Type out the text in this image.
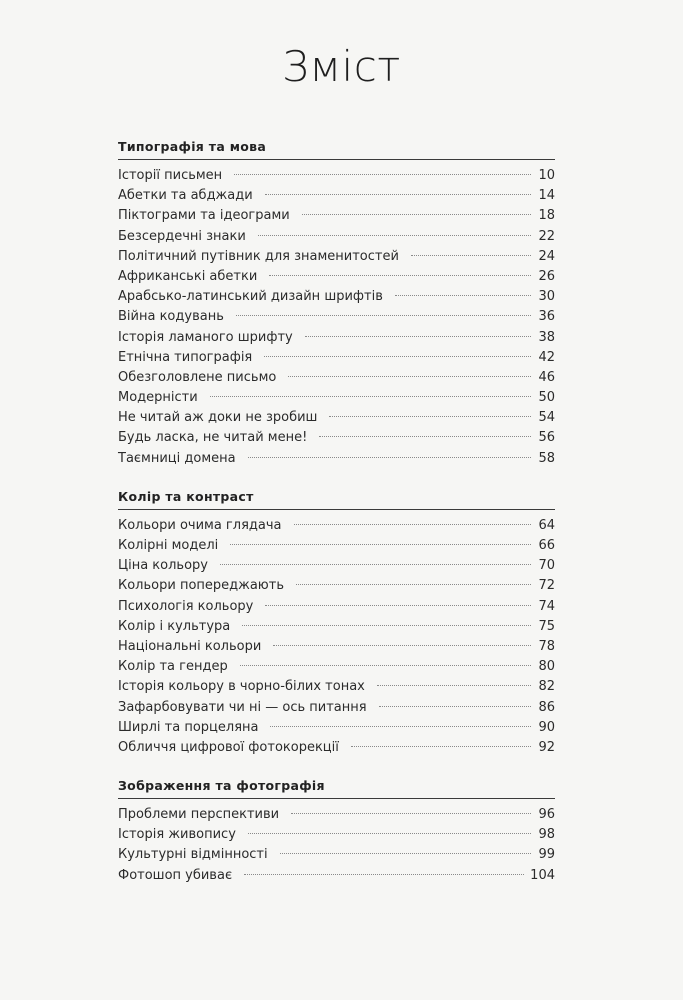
Зміст
Типографія та мова
Історії письмен	10
Абетки та абджади	14
Піктограми та ідеограми	18
Безсердечні знаки	22
Політичний путівник для знаменитостей	24
Африканські абетки	26
Арабсько-латинський дизайн шрифтів	30
Війна кодувань	36
Історія ламаного шрифту	38
Етнічна типографія	42
Обезголовлене письмо	46
Модерністи	50
Не читай аж доки не зробиш	54
Будь ласка, не читай мене!	56
Таємниці домена	58
Колір та контраст
Кольори очима глядача	64
Колірні моделі	66
Ціна кольору	70
Кольори попереджають	72
Психологія кольору	74
Колір і культура	75
Національні кольори	78
Колір та гендер	80
Історія кольору в чорно-білих тонах	82
Зафарбовувати чи ні — ось питання	86
Ширлі та порцеляна	90
Обличчя цифрової фотокорекції	92
Зображення та фотографія
Проблеми перспективи	96
Історія живопису	98
Культурні відмінності	99
Фотошоп убиває	104
